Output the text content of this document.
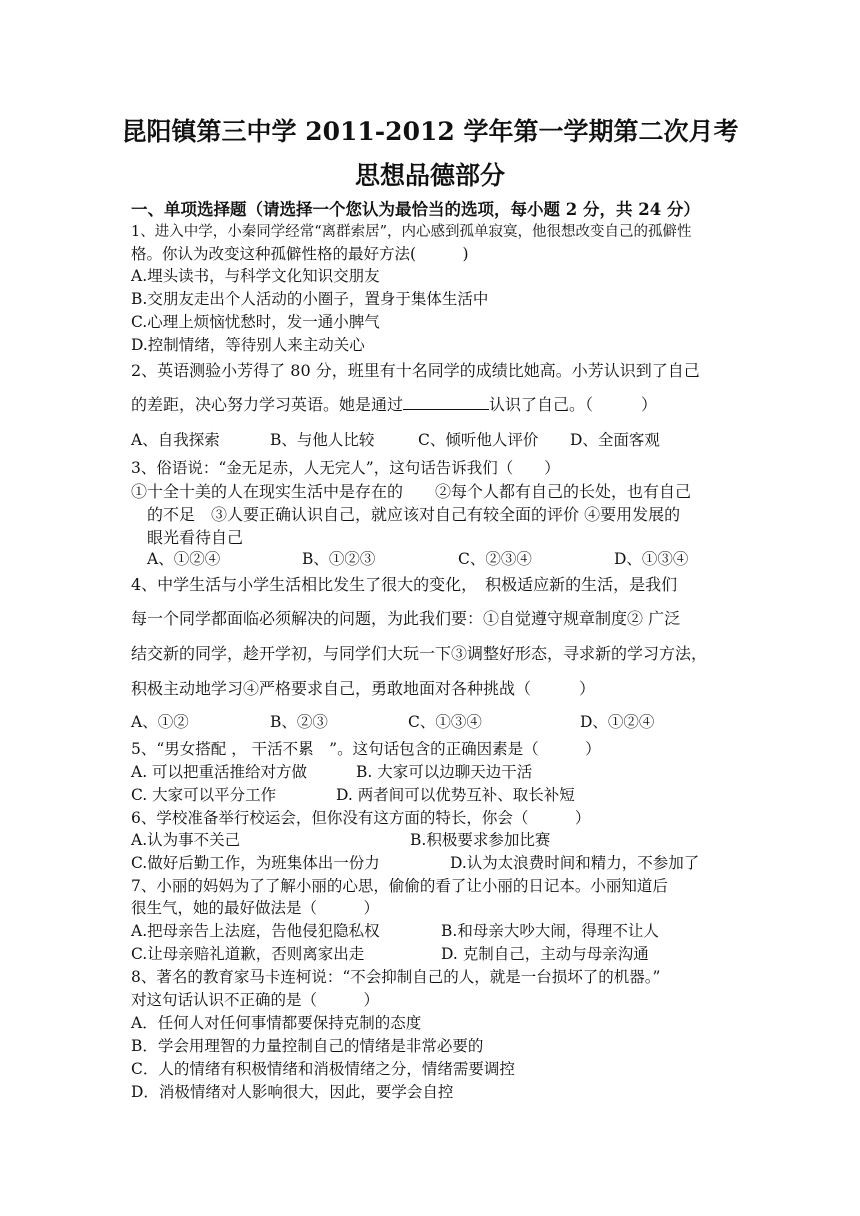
昆阳镇第三中学 2011-2012 学年第一学期第二次月考
思想品德部分
一、单项选择题（请选择一个您认为最恰当的选项，每小题 2 分，共 24 分）
1、进入中学，小秦同学经常“离群索居”，内心感到孤单寂寞，他很想改变自己的孤僻性
格。你认为改变这种孤僻性格的最好方法(　　　)
A.埋头读书，与科学文化知识交朋友
B.交朋友走出个人活动的小圈子，置身于集体生活中
C.心理上烦恼忧愁时，发一通小脾气
D.控制情绪，等待别人来主动关心
2、英语测验小芳得了 80 分，班里有十名同学的成绩比她高。小芳认识到了自己
的差距，决心努力学习英语。她是通过	认识了自己。（　　　）
A、自我探索	B、与他人比较	C、倾听他人评价 D、全面客观
3、俗语说：“金无足赤，人无完人”，这句话告诉我们（　　）
①十全十美的人在现实生活中是存在的　　②每个人都有自己的长处，也有自己
的不足　③人要正确认识自己，就应该对自己有较全面的评价 ④要用发展的
眼光看待自己
A、①②④	B、①②③	C、②③④	D、①③④
4、中学生活与小学生活相比发生了很大的变化，　积极适应新的生活，是我们
每一个同学都面临必须解决的问题，为此我们要：①自觉遵守规章制度② 广泛
结交新的同学，趁开学初，与同学们大玩一下③调整好形态，寻求新的学习方法，
积极主动地学习④严格要求自己，勇敢地面对各种挑战（　　　）
A、①②	B、②③	C、①③④	D、①②④
5、“男女搭配 ， 干活不累　”。这句话包含的正确因素是（　　　）
A. 可以把重活推给对方做	B. 大家可以边聊天边干活
C. 大家可以平分工作	D. 两者间可以优势互补、取长补短
6、学校准备举行校运会，但你没有这方面的特长，你会（　　　）
A.认为事不关己	B.积极要求参加比赛
C.做好后勤工作，为班集体出一份力	D.认为太浪费时间和精力，不参加了
7、小丽的妈妈为了了解小丽的心思，偷偷的看了让小丽的日记本。小丽知道后
很生气，她的最好做法是（　　　）
A.把母亲告上法庭，告他侵犯隐私权	B.和母亲大吵大闹，得理不让人
C.让母亲赔礼道歉，否则离家出走	D. 克制自己，主动与母亲沟通
8、著名的教育家马卡连柯说：“不会抑制自己的人，就是一台损坏了的机器。”
对这句话认识不正确的是（　　　）
A．任何人对任何事情都要保持克制的态度
B．学会用理智的力量控制自己的情绪是非常必要的
C．人的情绪有积极情绪和消极情绪之分，情绪需要调控
D．消极情绪对人影响很大，因此，要学会自控
